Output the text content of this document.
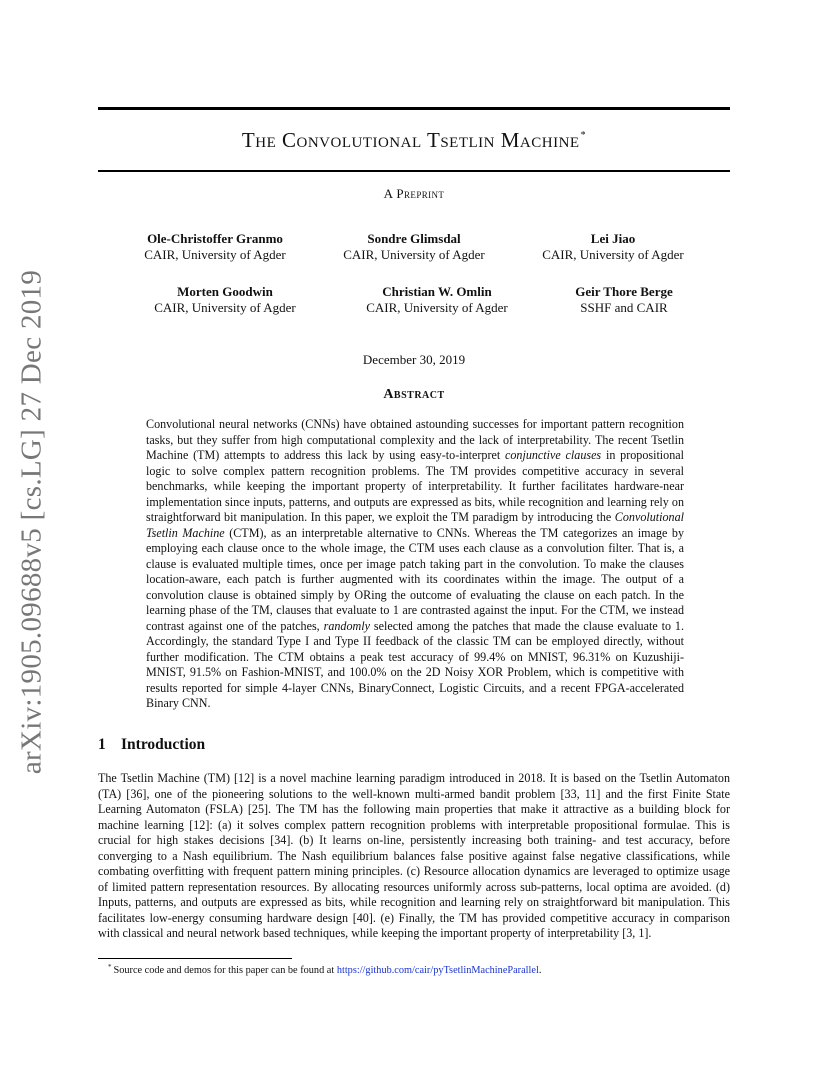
arXiv:1905.09688v5 [cs.LG] 27 Dec 2019
The Convolutional Tsetlin Machine*
A Preprint
Ole-Christoffer Granmo
CAIR, University of Agder
Sondre Glimsdal
CAIR, University of Agder
Lei Jiao
CAIR, University of Agder
Morten Goodwin
CAIR, University of Agder
Christian W. Omlin
CAIR, University of Agder
Geir Thore Berge
SSHF and CAIR
December 30, 2019
Abstract

Convolutional neural networks (CNNs) have obtained astounding successes for important pattern recognition tasks, but they suffer from high computational complexity and the lack of interpretability. The recent Tsetlin Machine (TM) attempts to address this lack by using easy-to-interpret conjunctive clauses in propositional logic to solve complex pattern recognition problems. The TM provides competitive accuracy in several benchmarks, while keeping the important property of interpretability. It further facilitates hardware-near implementation since inputs, patterns, and outputs are expressed as bits, while recognition and learning rely on straightforward bit manipulation. In this paper, we exploit the TM paradigm by introducing the Convolutional Tsetlin Machine (CTM), as an interpretable alternative to CNNs. Whereas the TM categorizes an image by employing each clause once to the whole image, the CTM uses each clause as a convolution filter. That is, a clause is evaluated multiple times, once per image patch taking part in the convolution. To make the clauses location-aware, each patch is further augmented with its coordinates within the image. The output of a convolution clause is obtained simply by ORing the outcome of evaluating the clause on each patch. In the learning phase of the TM, clauses that evaluate to 1 are contrasted against the input. For the CTM, we instead contrast against one of the patches, randomly selected among the patches that made the clause evaluate to 1. Accordingly, the standard Type I and Type II feedback of the classic TM can be employed directly, without further modification. The CTM obtains a peak test accuracy of 99.4% on MNIST, 96.31% on Kuzushiji-MNIST, 91.5% on Fashion-MNIST, and 100.0% on the 2D Noisy XOR Problem, which is competitive with results reported for simple 4-layer CNNs, BinaryConnect, Logistic Circuits, and a recent FPGA-accelerated Binary CNN.

1 Introduction

The Tsetlin Machine (TM) [12] is a novel machine learning paradigm introduced in 2018. It is based on the Tsetlin Automaton (TA) [36], one of the pioneering solutions to the well-known multi-armed bandit problem [33, 11] and the first Finite State Learning Automaton (FSLA) [25]. The TM has the following main properties that make it attractive as a building block for machine learning [12]: (a) it solves complex pattern recognition problems with interpretable propositional formulae. This is crucial for high stakes decisions [34]. (b) It learns on-line, persistently increasing both training- and test accuracy, before converging to a Nash equilibrium. The Nash equilibrium balances false positive against false negative classifications, while combating overfitting with frequent pattern mining principles. (c) Resource allocation dynamics are leveraged to optimize usage of limited pattern representation resources. By allocating resources uniformly across sub-patterns, local optima are avoided. (d) Inputs, patterns, and outputs are expressed as bits, while recognition and learning rely on straightforward bit manipulation. This facilitates low-energy consuming hardware design [40]. (e) Finally, the TM has provided competitive accuracy in comparison with classical and neural network based techniques, while keeping the important property of interpretability [3, 1].

* Source code and demos for this paper can be found at https://github.com/cair/pyTsetlinMachineParallel.
